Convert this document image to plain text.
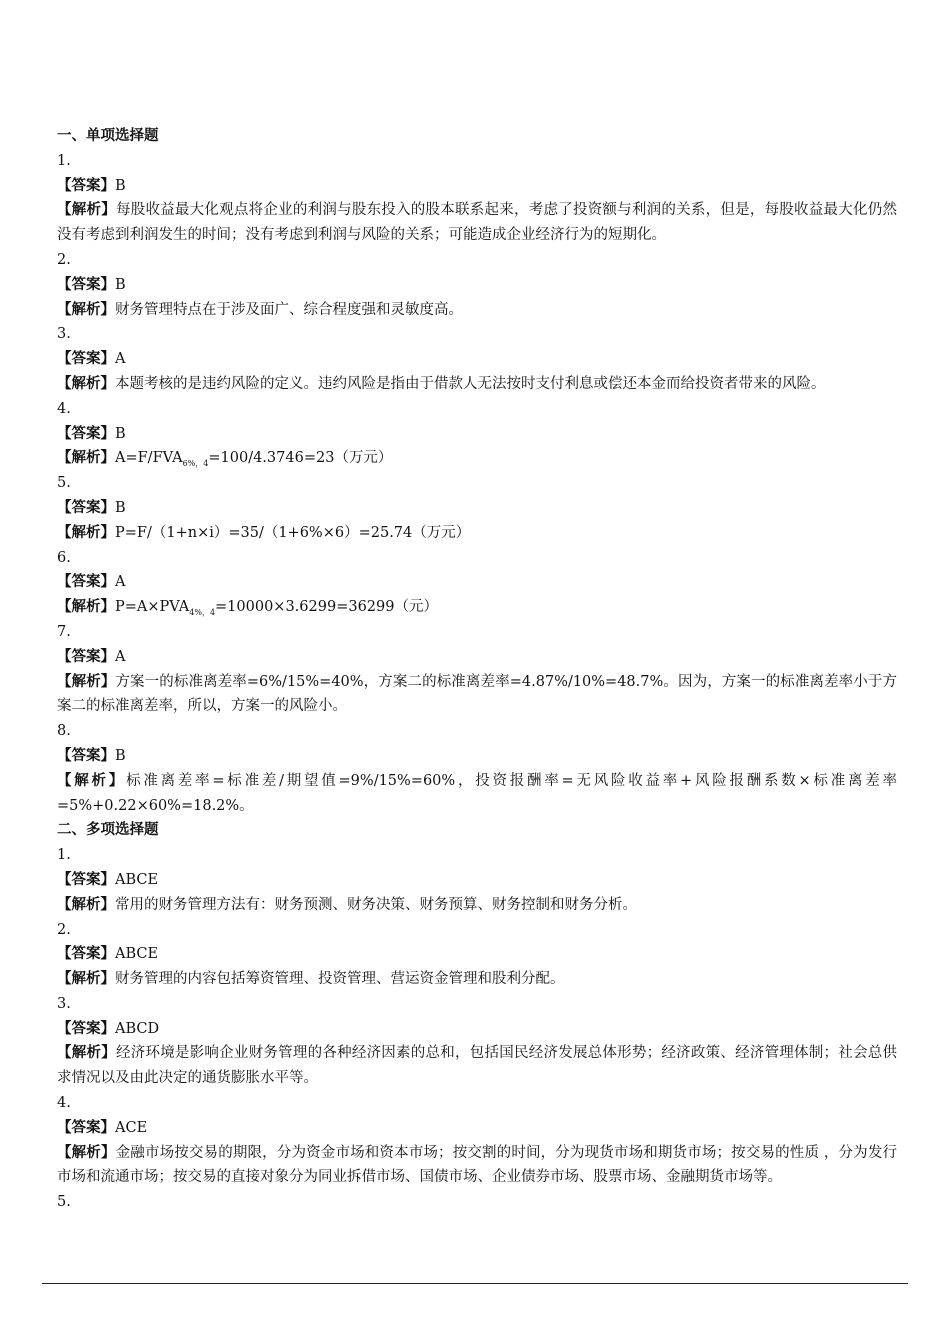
一、单项选择题
1.
【答案】B
【解析】每股收益最大化观点将企业的利润与股东投入的股本联系起来，考虑了投资额与利润的关系，但是，每股收益最大化仍然没有考虑到利润发生的时间；没有考虑到利润与风险的关系；可能造成企业经济行为的短期化。
2.
【答案】B
【解析】财务管理特点在于涉及面广、综合程度强和灵敏度高。
3.
【答案】A
【解析】本题考核的是违约风险的定义。违约风险是指由于借款人无法按时支付利息或偿还本金而给投资者带来的风险。
4.
【答案】B
【解析】$A=F/FVA_{6\%,4}=100/4.3746=23$（万元）
5.
【答案】B
【解析】P=F/（1+n×i）=35/（1+6%×6）=25.74（万元）
6.
【答案】A
【解析】$P=A\times PVA_{4\%,4}=10000\times 3.6299=36299$（元）
7.
【答案】A
【解析】方案一的标准离差率=6%/15%=40%，方案二的标准离差率=4.87%/10%=48.7%。因为，方案一的标准离差率小于方案二的标准离差率，所以，方案一的风险小。
8.
【答案】B
【解析】标准离差率=标准差/期望值=9%/15%=60%，投资报酬率=无风险收益率+风险报酬系数×标准离差率=5%+0.22×60%=18.2%。
二、多项选择题
1.
【答案】ABCE
【解析】常用的财务管理方法有：财务预测、财务决策、财务预算、财务控制和财务分析。
2.
【答案】ABCE
【解析】财务管理的内容包括筹资管理、投资管理、营运资金管理和股利分配。
3.
【答案】ABCD
【解析】经济环境是影响企业财务管理的各种经济因素的总和，包括国民经济发展总体形势；经济政策、经济管理体制；社会总供求情况以及由此决定的通货膨胀水平等。
4.
【答案】ACE
【解析】金融市场按交易的期限，分为资金市场和资本市场；按交割的时间，分为现货市场和期货市场；按交易的性质 ，分为发行市场和流通市场；按交易的直接对象分为同业拆借市场、国债市场、企业债券市场、股票市场、金融期货市场等。
5.
